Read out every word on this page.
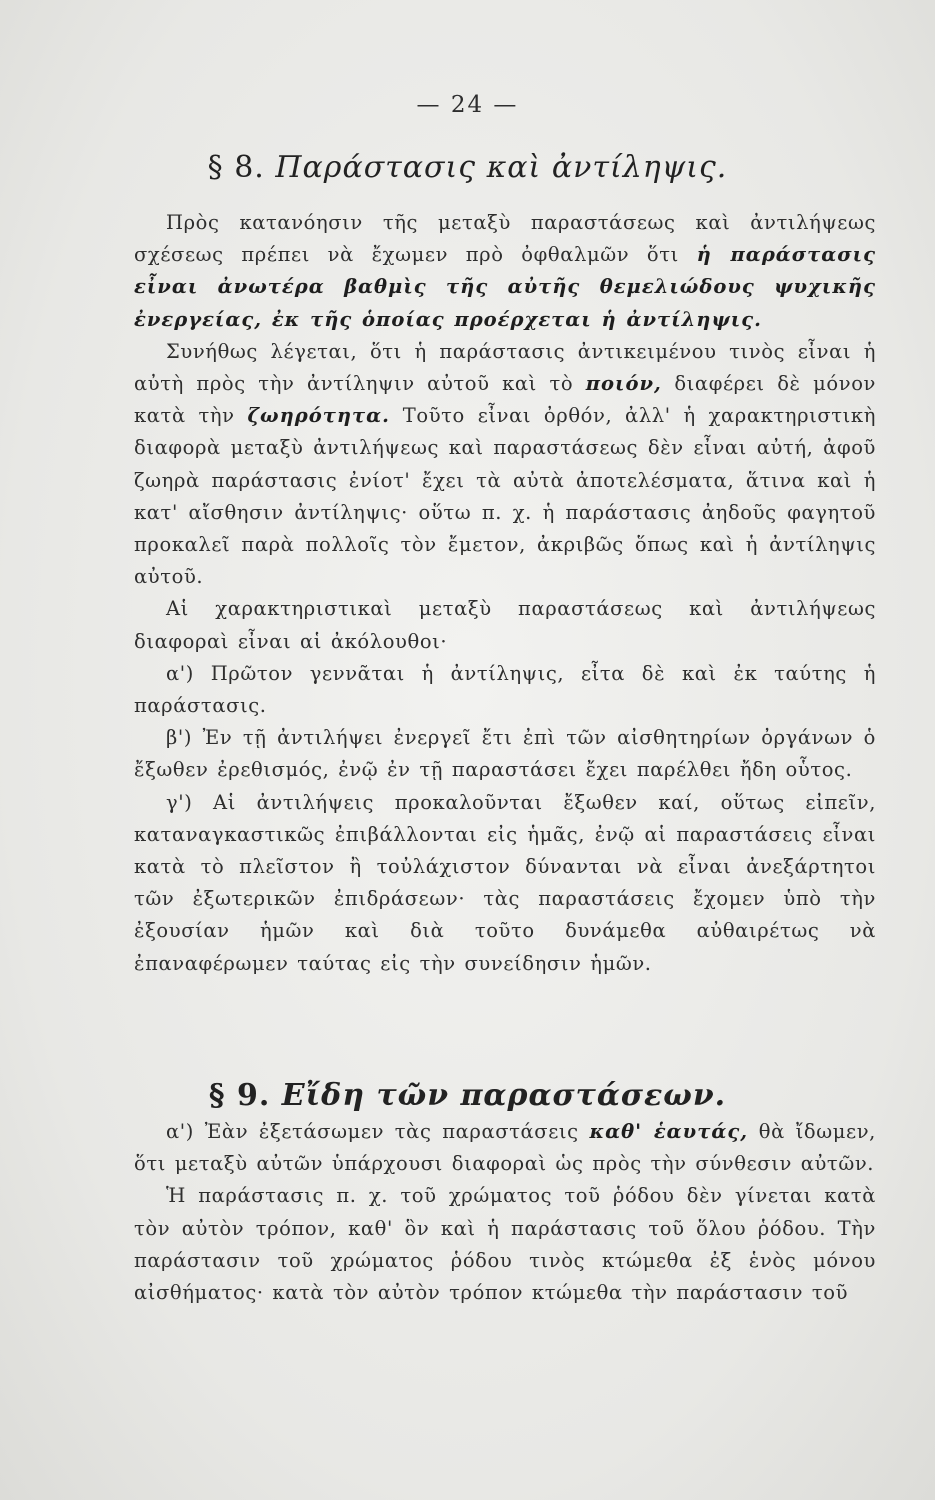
— 24 —
§ 8. Παράστασις καὶ ἀντίληψις.

Πρὸς κατανόησιν τῆς μεταξὺ παραστάσεως καὶ ἀντιλήψεως σχέσεως πρέπει νὰ ἔχωμεν πρὸ ὀφθαλμῶν ὅτι ἡ παράστασις εἶναι ἀνωτέρα βαθμὶς τῆς αὐτῆς θεμελιώδους ψυχικῆς ἐνεργείας, ἐκ τῆς ὁποίας προέρχεται ἡ ἀντίληψις.

Συνήθως λέγεται, ὅτι ἡ παράστασις ἀντικειμένου τινὸς εἶναι ἡ αὐτὴ πρὸς τὴν ἀντίληψιν αὐτοῦ καὶ τὸ ποιόν, διαφέρει δὲ μόνον κατὰ τὴν ζωηρότητα. Τοῦτο εἶναι ὀρθόν, ἀλλ' ἡ χαρακτηριστικὴ διαφορὰ μεταξὺ ἀντιλήψεως καὶ παραστάσεως δὲν εἶναι αὐτή, ἀφοῦ ζωηρὰ παράστασις ἐνίοτ' ἔχει τὰ αὐτὰ ἀποτελέσματα, ἅτινα καὶ ἡ κατ' αἴσθησιν ἀντίληψις· οὕτω π. χ. ἡ παράστασις ἀηδοῦς φαγητοῦ προκαλεῖ παρὰ πολλοῖς τὸν ἔμετον, ἀκριβῶς ὅπως καὶ ἡ ἀντίληψις αὐτοῦ.

Αἱ χαρακτηριστικαὶ μεταξὺ παραστάσεως καὶ ἀντιλήψεως διαφοραὶ εἶναι αἱ ἀκόλουθοι·

α') Πρῶτον γεννᾶται ἡ ἀντίληψις, εἶτα δὲ καὶ ἐκ ταύτης ἡ παράστασις.

β') Ἐν τῇ ἀντιλήψει ἐνεργεῖ ἔτι ἐπὶ τῶν αἰσθητηρίων ὀργάνων ὁ ἔξωθεν ἐρεθισμός, ἐνῷ ἐν τῇ παραστάσει ἔχει παρέλθει ἤδη οὗτος.

γ') Αἱ ἀντιλήψεις προκαλοῦνται ἔξωθεν καί, οὕτως εἰπεῖν, καταναγκαστικῶς ἐπιβάλλονται εἰς ἡμᾶς, ἐνῷ αἱ παραστάσεις εἶναι κατὰ τὸ πλεῖστον ἢ τοὐλάχιστον δύνανται νὰ εἶναι ἀνεξάρτητοι τῶν ἐξωτερικῶν ἐπιδράσεων· τὰς παραστάσεις ἔχομεν ὑπὸ τὴν ἐξουσίαν ἡμῶν καὶ διὰ τοῦτο δυνάμεθα αὐθαιρέτως νὰ ἐπαναφέρωμεν ταύτας εἰς τὴν συνείδησιν ἡμῶν.

§ 9. Εἴδη τῶν παραστάσεων.

α') Ἐὰν ἐξετάσωμεν τὰς παραστάσεις καθ' ἑαυτάς, θὰ ἴδωμεν, ὅτι μεταξὺ αὐτῶν ὑπάρχουσι διαφοραὶ ὡς πρὸς τὴν σύνθεσιν αὐτῶν.

Ἡ παράστασις π. χ. τοῦ χρώματος τοῦ ῥόδου δὲν γίνεται κατὰ τὸν αὐτὸν τρόπον, καθ' ὃν καὶ ἡ παράστασις τοῦ ὅλου ῥόδου. Τὴν παράστασιν τοῦ χρώματος ῥόδου τινὸς κτώμεθα ἐξ ἑνὸς μόνου αἰσθήματος· κατὰ τὸν αὐτὸν τρόπον κτώμεθα τὴν παράστασιν τοῦ
